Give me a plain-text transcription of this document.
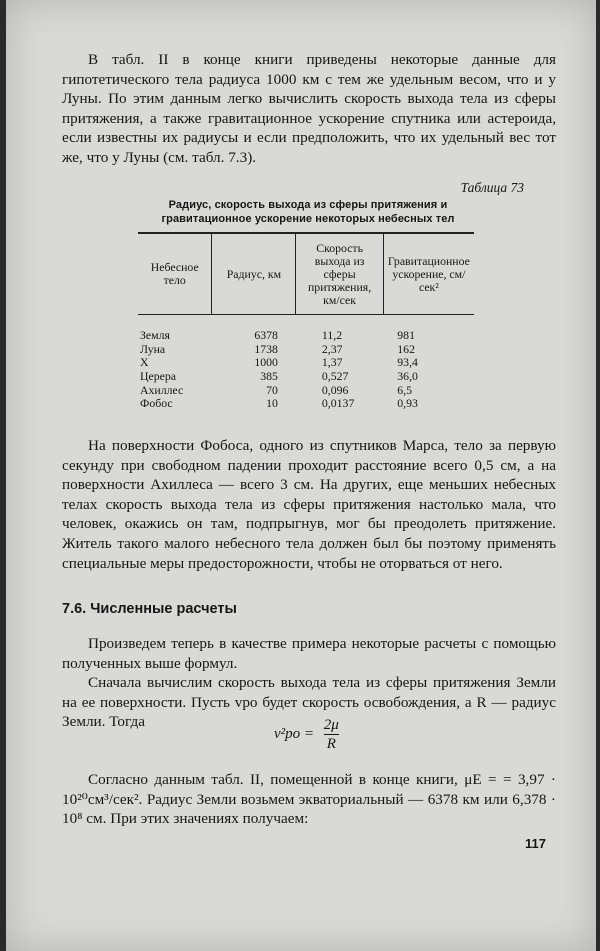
В табл. II в конце книги приведены некоторые данные для гипотетического тела радиуса 1000 км с тем же удельным весом, что и у Луны. По этим данным легко вычислить скорость выхода тела из сферы притяжения, а также гравитационное ускорение спутника или астероида, если известны их радиусы и если предположить, что их удельный вес тот же, что у Луны (см. табл. 7.3).

Таблица 73
Радиус, скорость выхода из сферы притяжения и гравитационное ускорение некоторых небесных тел
Небесное тело	Радиус, км	Скорость выхода из сферы притяжения, км/сек	Гравитационное ускорение, см/сек²
Земля	6378	11,2	981
Луна	1738	2,37	162
X	1000	1,37	93,4
Церера	385	0,527	36,0
Ахиллес	70	0,096	6,5
Фобос	10	0,0137	0,93

На поверхности Фобоса, одного из спутников Марса, тело за первую секунду при свободном падении проходит расстояние всего 0,5 см, а на поверхности Ахиллеса — всего 3 см. На других, еще меньших небесных телах скорость выхода тела из сферы притяжения настолько мала, что человек, окажись он там, подпрыгнув, мог бы преодолеть притяжение. Житель такого малого небесного тела должен был бы поэтому применять специальные меры предосторожности, чтобы не оторваться от него.

7.6. Численные расчеты

Произведем теперь в качестве примера некоторые расчеты с помощью полученных выше формул.

Сначала вычислим скорость выхода тела из сферы притяжения Земли на ее поверхности. Пусть vро будет скорость освобождения, а R — радиус Земли. Тогда

$v^2ро = \frac{2\mu}{R}$

Согласно данным табл. II, помещенной в конце книги, μE = = 3,97 · 10²⁰см³/сек². Радиус Земли возьмем экваториальный — 6378 км или 6,378 · 10⁸ см. При этих значениях получаем:

117
